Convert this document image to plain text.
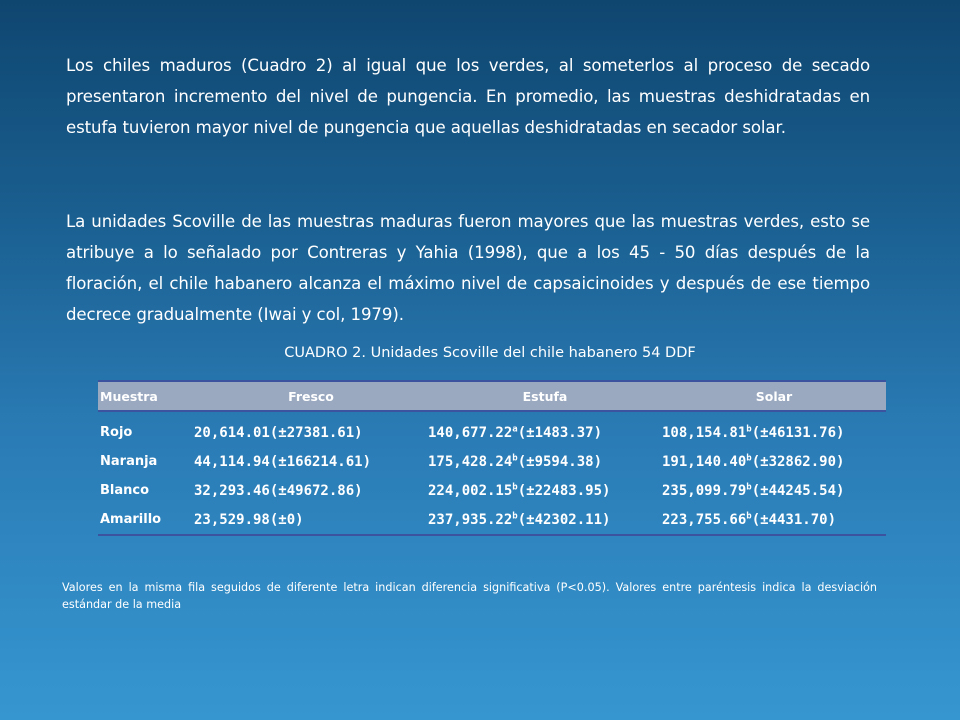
Los chiles maduros (Cuadro 2) al igual que los verdes, al someterlos al proceso de secado presentaron incremento del nivel de pungencia. En promedio, las muestras deshidratadas en estufa tuvieron mayor nivel de pungencia que aquellas deshidratadas en secador solar.

La unidades Scoville de las muestras maduras fueron mayores que las muestras verdes, esto se atribuye a lo señalado por Contreras y Yahia (1998), que a los 45 - 50 días después de la floración, el chile habanero alcanza el máximo nivel de capsaicinoides y después de ese tiempo decrece gradualmente (Iwai y col, 1979).

CUADRO 2. Unidades Scoville del chile habanero 54 DDF
Muestra	Fresco	Estufa	Solar
Rojo	20,614.01(±27381.61)	140,677.22$^a$(±1483.37)	108,154.81$^b$(±46131.76)
Naranja	44,114.94(±166214.61)	175,428.24$^b$(±9594.38)	191,140.40$^b$(±32862.90)
Blanco	32,293.46(±49672.86)	224,002.15$^b$(±22483.95)	235,099.79$^b$(±44245.54)
Amarillo	23,529.98(±0)	237,935.22$^b$(±42302.11)	223,755.66$^b$(±4431.70)

Valores en la misma fila seguidos de diferente letra indican diferencia significativa (P<0.05). Valores entre paréntesis indica la desviación estándar de la media
